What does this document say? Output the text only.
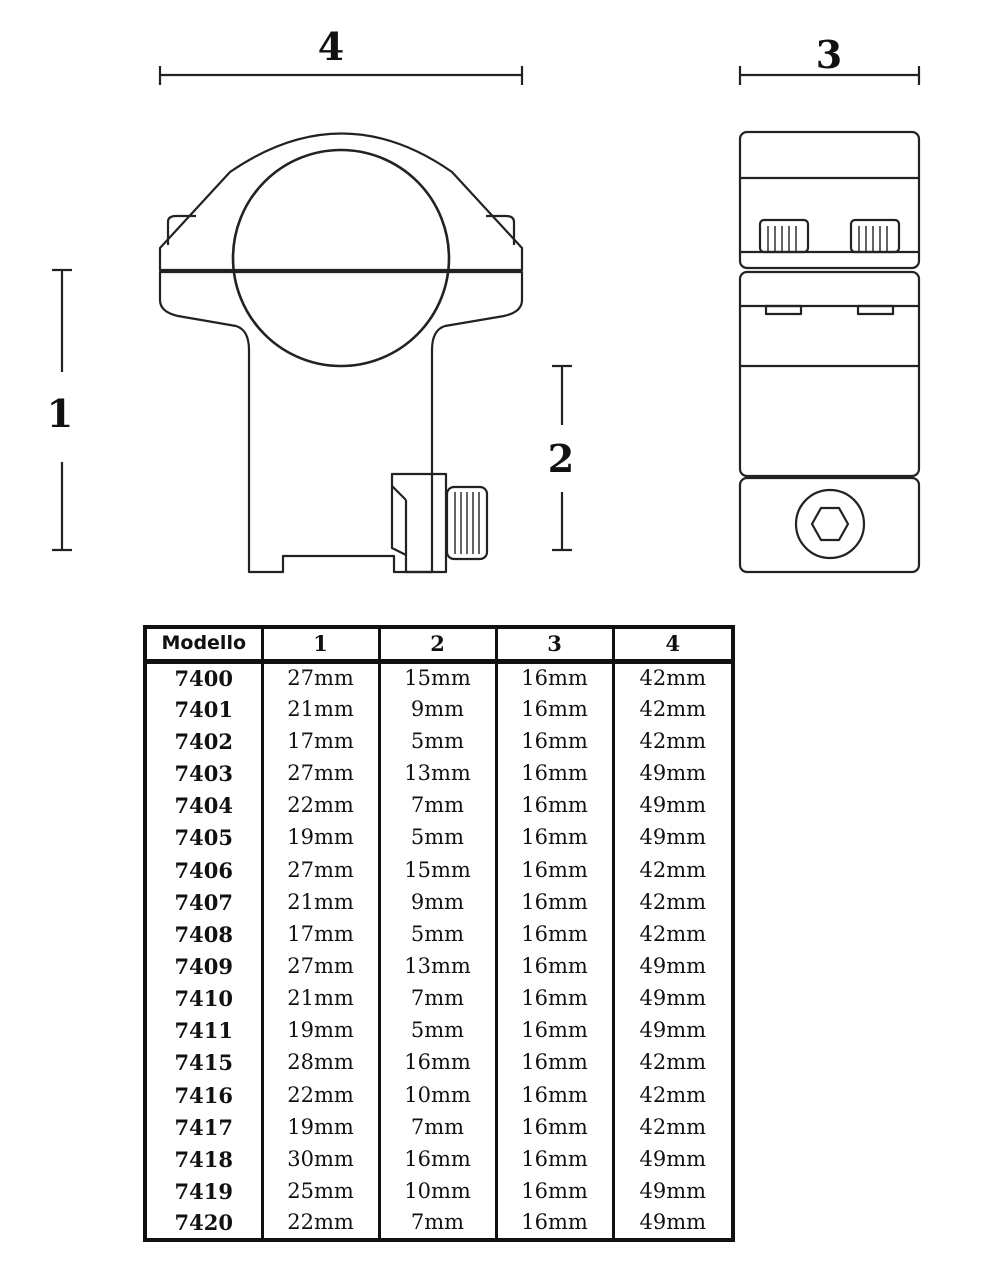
4	3
1
2
Modello	1	2	3	4
7400	27mm	15mm	16mm	42mm
7401	21mm	9mm	16mm	42mm
7402	17mm	5mm	16mm	42mm
7403	27mm	13mm	16mm	49mm
7404	22mm	7mm	16mm	49mm
7405	19mm	5mm	16mm	49mm
7406	27mm	15mm	16mm	42mm
7407	21mm	9mm	16mm	42mm
7408	17mm	5mm	16mm	42mm
7409	27mm	13mm	16mm	49mm
7410	21mm	7mm	16mm	49mm
7411	19mm	5mm	16mm	49mm
7415	28mm	16mm	16mm	42mm
7416	22mm	10mm	16mm	42mm
7417	19mm	7mm	16mm	42mm
7418	30mm	16mm	16mm	49mm
7419	25mm	10mm	16mm	49mm
7420	22mm	7mm	16mm	49mm
